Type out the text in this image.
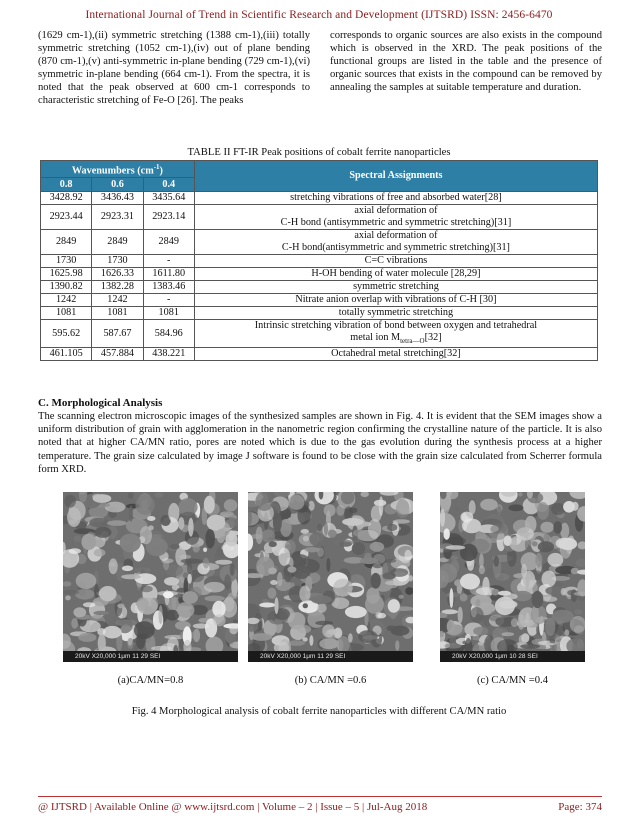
International Journal of Trend in Scientific Research and Development (IJTSRD) ISSN: 2456-6470
(1629 cm-1),(ii) symmetric stretching (1388 cm-1),(iii) totally symmetric stretching (1052 cm-1),(iv) out of plane bending (870 cm-1),(v) anti-symmetric in-plane bending (729 cm-1),(vi) symmetric in-plane bending (664 cm-1). From the spectra, it is noted that the peak observed at 600 cm-1 corresponds to characteristic stretching of Fe-O [26]. The peaks
corresponds to organic sources are also exists in the compound which is observed in the XRD. The peak positions of the functional groups are listed in the table and the presence of organic sources that exists in the compound can be removed by annealing the samples at suitable temperature and duration.
TABLE II FT-IR Peak positions of cobalt ferrite nanoparticles
Wavenumbers $(cm^{-1})$			Spectral Assignments
0.8	0.6	0.4	
3428.92	3436.43	3435.64	stretching vibrations of free and absorbed water[28]
2923.44	2923.31	2923.14	axial deformation of
C-H bond (antisymmetric and symmetric stretching)[31]
2849	2849	2849	axial deformation of
C-H bond(antisymmetric and symmetric stretching)[31]
1730	1730	-	C=C vibrations
1625.98	1626.33	1611.80	H-OH bending of water molecule [28,29]
1390.82	1382.28	1383.46	symmetric stretching
1242	1242	-	Nitrate anion overlap with vibrations of C-H [30]
1081	1081	1081	totally symmetric stretching
595.62	587.67	584.96	Intrinsic stretching vibration of bond between oxygen and tetrahedral
metal ion $M_{tetra—O}[32]$
461.105	457.884	438.221	Octahedral metal stretching[32]
C. Morphological Analysis
The scanning electron microscopic images of the synthesized samples are shown in Fig. 4. It is evident that the SEM images show a uniform distribution of grain with agglomeration in the nanometric region confirming the crystalline nature of the particle. It is also noted that at higher CA/MN ratio, pores are noted which is due to the gas evolution during the synthesis process at a higher temperature. The grain size calculated by image J software is found to be close with the grain size calculated from Scherrer formula form XRD.
20kV X20,000 1μm 11 29 SEI	20kV X20,000 1μm 11 29 SEI	20kV X20,000 1μm 10 28 SEI
(a)CA/MN=0.8	(b) CA/MN =0.6	(c) CA/MN =0.4
Fig. 4 Morphological analysis of cobalt ferrite nanoparticles with different CA/MN ratio
@ IJTSRD | Available Online @ www.ijtsrd.com | Volume – 2 | Issue – 5 | Jul-Aug 2018	Page: 374
